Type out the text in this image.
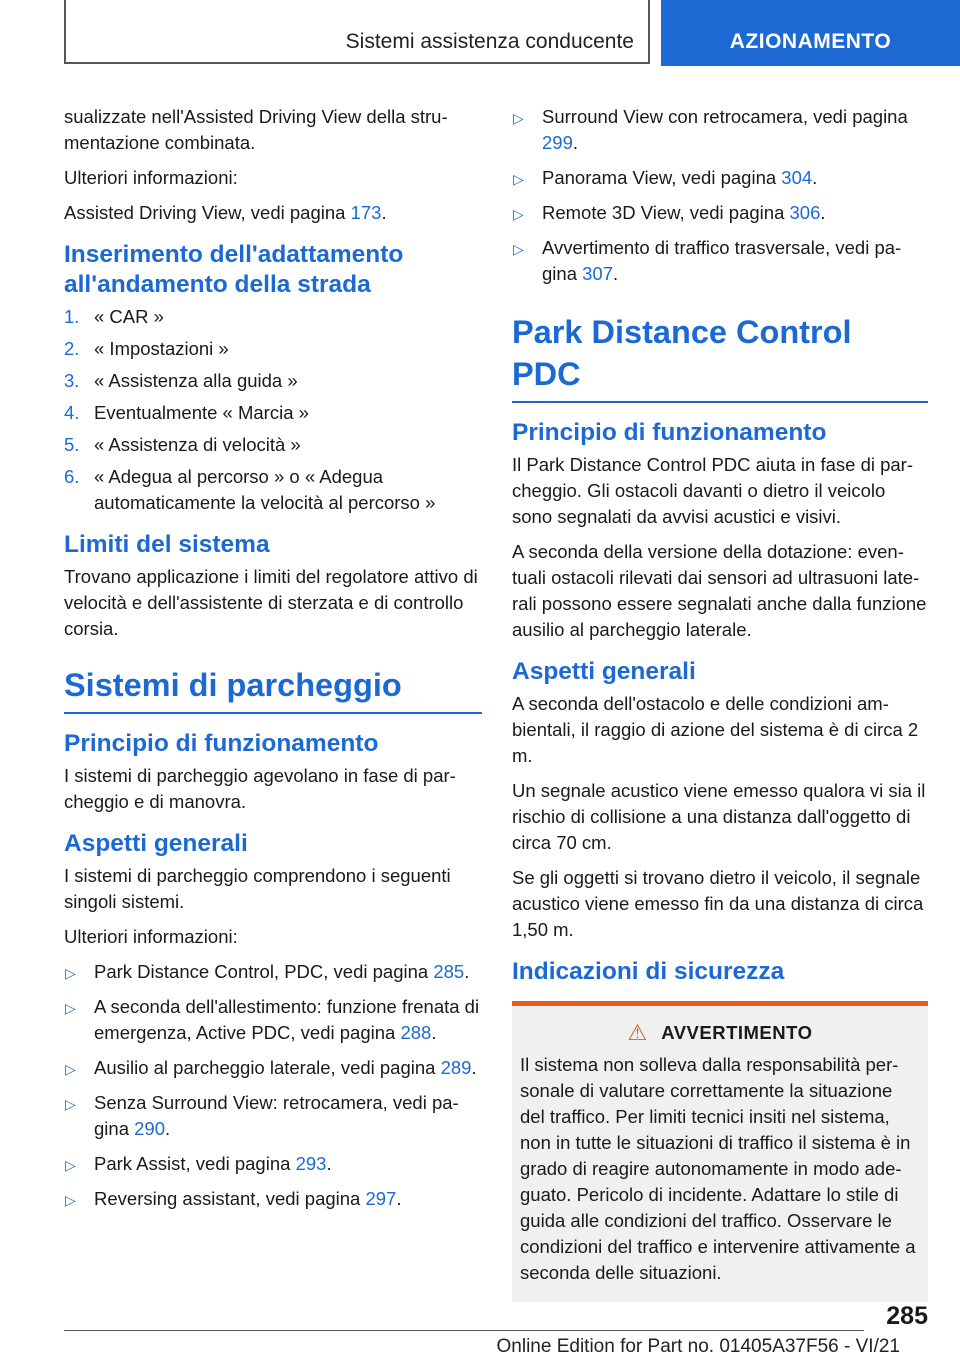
Sistemi assistenza conducente	AZIONAMENTO

sualizzate nell'Assisted Driving View della strumentazione combinata.

Ulteriori informazioni:

Assisted Driving View, vedi pagina 173.

Inserimento dell'adattamento all'andamento della strada
1. « CAR »
2. « Impostazioni »
3. « Assistenza alla guida »
4. Eventualmente « Marcia »
5. « Assistenza di velocità »
6. « Adegua al percorso » o « Adegua automaticamente la velocità al percorso »
Limiti del sistema

Trovano applicazione i limiti del regolatore attivo di velocità e dell'assistente di sterzata e di controllo corsia.

Sistemi di parcheggio
Principio di funzionamento

I sistemi di parcheggio agevolano in fase di parcheggio e di manovra.

Aspetti generali

I sistemi di parcheggio comprendono i seguenti singoli sistemi.

Ulteriori informazioni:

▷ Park Distance Control, PDC, vedi pagina 285.
▷ A seconda dell'allestimento: funzione frenata di emergenza, Active PDC, vedi pagina 288.
▷ Ausilio al parcheggio laterale, vedi pagina 289.
▷ Senza Surround View: retrocamera, vedi pagina 290.
▷ Park Assist, vedi pagina 293.
▷ Reversing assistant, vedi pagina 297.
▷ Surround View con retrocamera, vedi pagina 299.
▷ Panorama View, vedi pagina 304.
▷ Remote 3D View, vedi pagina 306.
▷ Avvertimento di traffico trasversale, vedi pagina 307.
Park Distance Control PDC
Principio di funzionamento

Il Park Distance Control PDC aiuta in fase di parcheggio. Gli ostacoli davanti o dietro il veicolo sono segnalati da avvisi acustici e visivi.

A seconda della versione della dotazione: eventuali ostacoli rilevati dai sensori ad ultrasuoni laterali possono essere segnalati anche dalla funzione ausilio al parcheggio laterale.

Aspetti generali

A seconda dell'ostacolo e delle condizioni ambientali, il raggio di azione del sistema è di circa 2 m.

Un segnale acustico viene emesso qualora vi sia il rischio di collisione a una distanza dall'oggetto di circa 70 cm.

Se gli oggetti si trovano dietro il veicolo, il segnale acustico viene emesso fin da una distanza di circa 1,50 m.

Indicazioni di sicurezza
⚠ AVVERTIMENTO

Il sistema non solleva dalla responsabilità personale di valutare correttamente la situazione del traffico. Per limiti tecnici insiti nel sistema, non in tutte le situazioni di traffico il sistema è in grado di reagire autonomamente in modo adeguato. Pericolo di incidente. Adattare lo stile di guida alle condizioni del traffico. Osservare le condizioni del traffico e intervenire attivamente a seconda delle situazioni.

285
Online Edition for Part no. 01405A37F56 - VI/21
